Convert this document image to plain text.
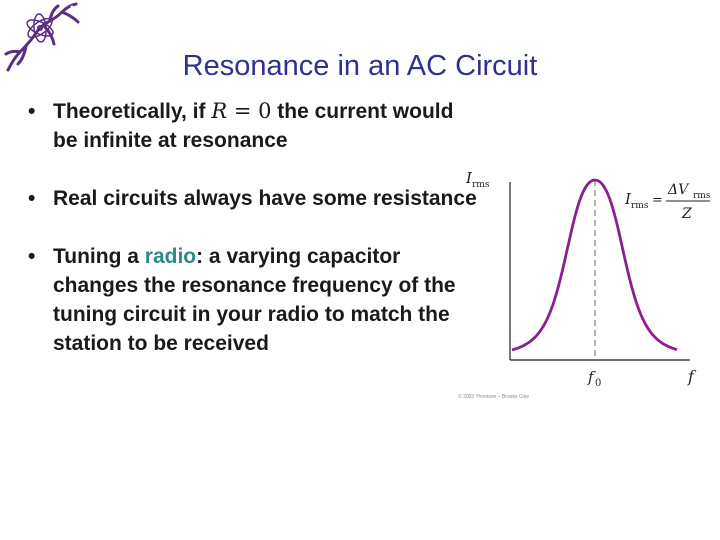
Resonance in an AC Circuit
• Theoretically, if R = 0 the current would be infinite at resonance
• Real circuits always have some resistance
• Tuning a radio: a varying capacitor changes the resonance frequency of the tuning circuit in your radio to match the station to be received
I rms
f 0	f
I rms =
ΔV rms
Z
© 2003 Thomson – Brooks Cole
